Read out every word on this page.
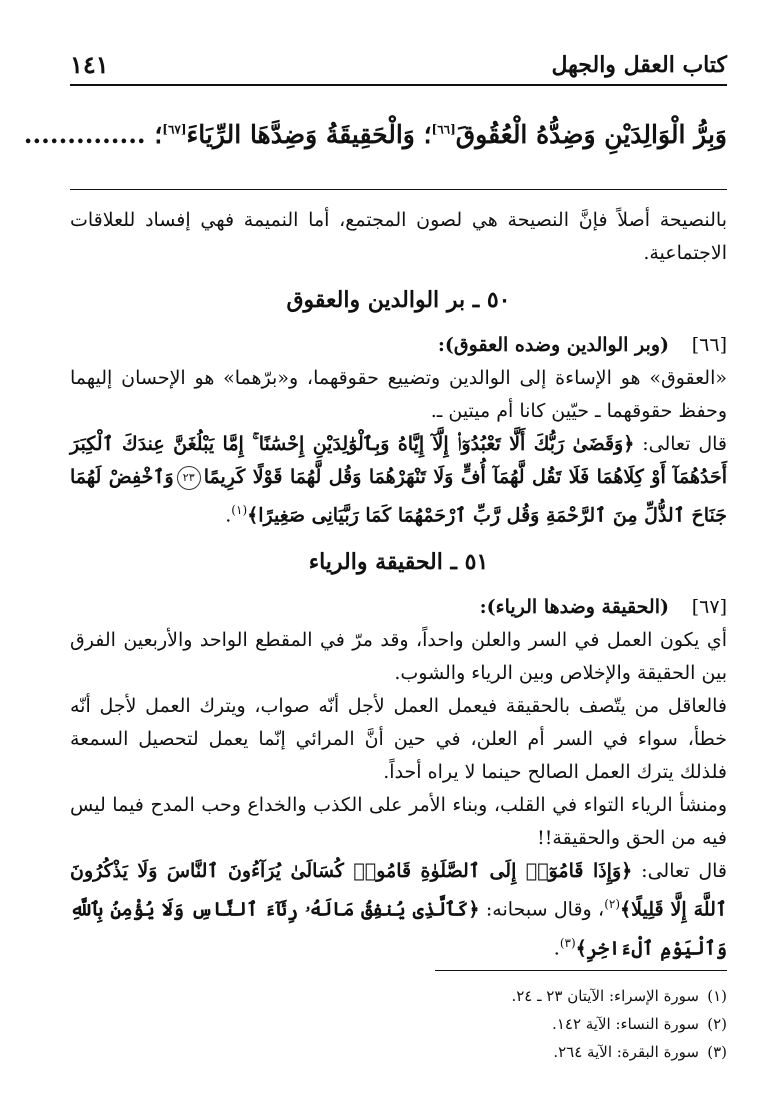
كتاب العقل والجهل
١٤١
وَبِرُّ الْوَالِدَيْنِ وَضِدُّهُ الْعُقُوقَ[٦٦]؛ وَالْحَقِيقَةُ وَضِدَّهَا الرِّيَاءَ[٦٧]؛ ..............

بالنصيحة أصلاً فإنَّ النصيحة هي لصون المجتمع، أما النميمة فهي إفساد للعلاقات الاجتماعية.

٥٠ ـ بر الوالدين والعقوق

[٦٦](وبر الوالدين وضده العقوق):

«العقوق» هو الإساءة إلى الوالدين وتضييع حقوقهما، و«برّهما» هو الإحسان إليهما وحفظ حقوقهما ـ حيّين كانا أم ميتين ـ.

قال تعالى: ﴿وَقَضَىٰ رَبُّكَ أَلَّا تَعْبُدُوٓا۟ إِلَّآ إِيَّاهُ وَبِٱلْوَٰلِدَيْنِ إِحْسَٰنًا ۚ إِمَّا يَبْلُغَنَّ عِندَكَ ٱلْكِبَرَ أَحَدُهُمَآ أَوْ كِلَاهُمَا فَلَا تَقُل لَّهُمَآ أُفٍّ وَلَا تَنْهَرْهُمَا وَقُل لَّهُمَا قَوْلًا كَرِيمًا٢٣وَٱخْفِضْ لَهُمَا جَنَاحَ ٱلذُّلِّ مِنَ ٱلرَّحْمَةِ وَقُل رَّبِّ ٱرْحَمْهُمَا كَمَا رَبَّيَانِى صَغِيرًا﴾$^{(١)}$.

٥١ ـ الحقيقة والرياء

[٦٧](الحقيقة وضدها الرياء):

أي يكون العمل في السر والعلن واحداً، وقد مرّ في المقطع الواحد والأربعين الفرق بين الحقيقة والإخلاص وبين الرياء والشوب.

فالعاقل من يتّصف بالحقيقة فيعمل العمل لأجل أنّه صواب، ويترك العمل لأجل أنّه خطأ، سواء في السر أم العلن، في حين أنَّ المرائي إنّما يعمل لتحصيل السمعة فلذلك يترك العمل الصالح حينما لا يراه أحداً.

ومنشأ الرياء التواء في القلب، وبناء الأمر على الكذب والخداع وحب المدح فيما ليس فيه من الحق والحقيقة!!

قال تعالى: ﴿وَإِذَا قَامُوٓا۟ إِلَى ٱلصَّلَوٰةِ قَامُوا۟ كُسَالَىٰ يُرَآءُونَ ٱلنَّاسَ وَلَا يَذْكُرُونَ ٱللَّهَ إِلَّا قَلِيلًا﴾$^{(٢)}$، وقال سبحانه: ﴿كَٱلَّذِى يُنفِقُ مَالَهُۥ رِئَآءَ ٱلنَّاسِ وَلَا يُؤْمِنُ بِٱللَّهِ وَٱلْيَوْمِ ٱلْءَاخِرِ﴾$^{(٣)}$.

(١)سورة الإسراء: الآيتان ٢٣ ـ ٢٤.
(٢)سورة النساء: الآية ١٤٢.
(٣)سورة البقرة: الآية ٢٦٤.
